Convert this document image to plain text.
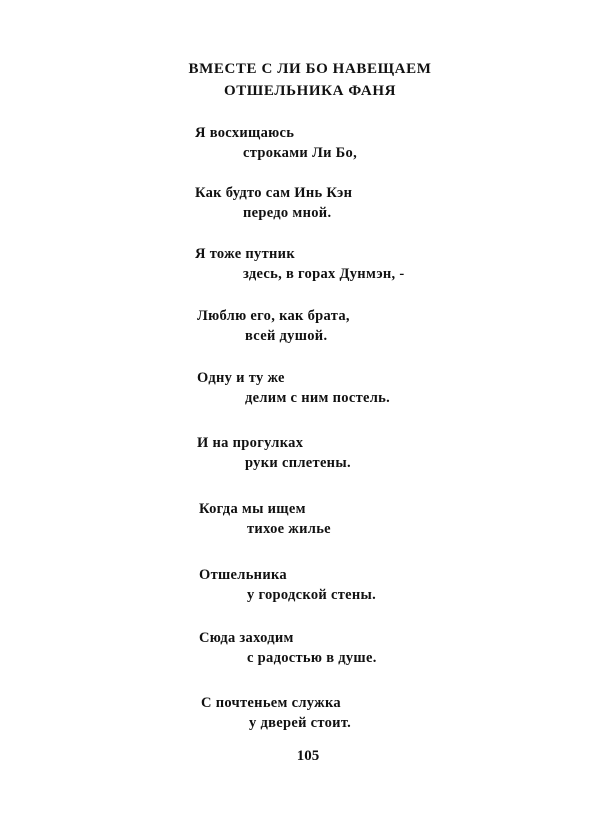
ВМЕСТЕ С ЛИ БО НАВЕЩАЕМ
ОТШЕЛЬНИКА ФАНЯ
Я восхищаюсь
строками Ли Бо,
Как будто сам Инь Кэн
передо мной.
Я тоже путник
здесь, в горах Дунмэн, -
Люблю его, как брата,
всей душой.
Одну и ту же
делим с ним постель.
И на прогулках
руки сплетены.
Когда мы ищем
тихое жилье
Отшельника
у городской стены.
Сюда заходим
с радостью в душе.
С почтеньем служка
у дверей стоит.
105
